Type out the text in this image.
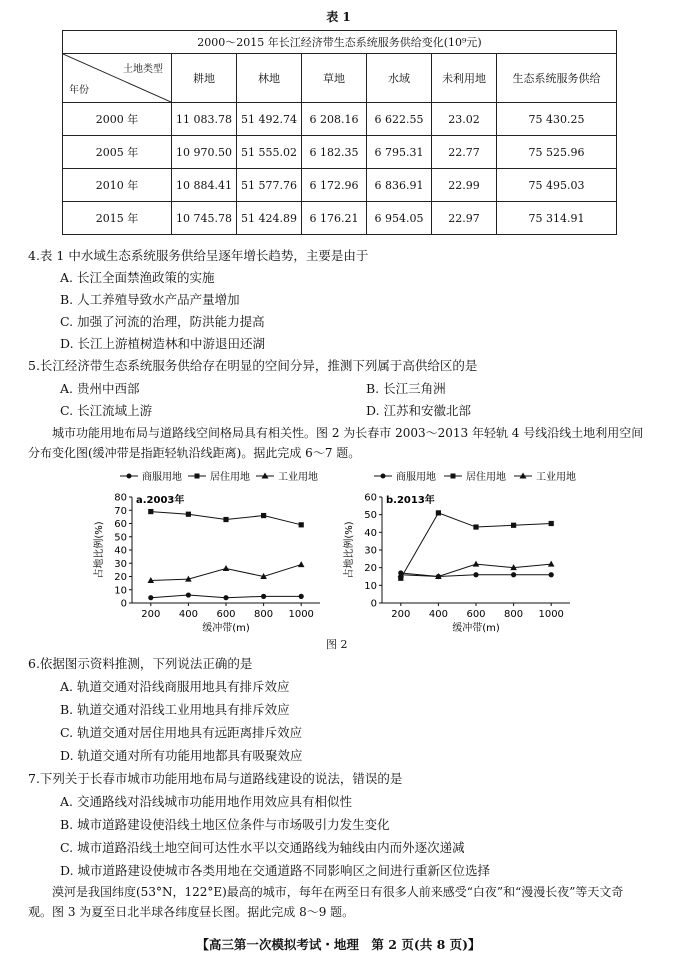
表 1
2000～2015 年长江经济带生态系统服务供给变化(10⁹元)						

土地类型
年份	耕地	林地	草地	水域	未利用地	生态系统服务供给
2000 年	11 083.78	51 492.74	6 208.16	6 622.55	23.02	75 430.25
2005 年	10 970.50	51 555.02	6 182.35	6 795.31	22.77	75 525.96
2010 年	10 884.41	51 577.76	6 172.96	6 836.91	22.99	75 495.03
2015 年	10 745.78	51 424.89	6 176.21	6 954.05	22.97	75 314.91
4.表 1 中水域生态系统服务供给呈逐年增长趋势，主要是由于
A. 长江全面禁渔政策的实施
B. 人工养殖导致水产品产量增加
C. 加强了河流的治理，防洪能力提高
D. 长江上游植树造林和中游退田还湖
5.长江经济带生态系统服务供给存在明显的空间分异，推测下列属于高供给区的是
A. 贵州中西部	B. 长江三角洲
C. 长江流域上游	D. 江苏和安徽北部
城市功能用地布局与道路线空间格局具有相关性。图 2 为长春市 2003～2013 年轻轨 4 号线沿线土地利用空间分布变化图(缓冲带是指距轻轨沿线距离)。据此完成 6～7 题。
商服用地	居住用地	工业用地	商服用地	居住用地	工业用地
0
10
20
30
40
50
60
70
80
200 400 600 800 1000
a.2003年
占地比例(%)
缓冲带(m)
0
10
20
30
40
50
60
200 400 600 800 1000
b.2013年
占地比例(%)
缓冲带(m)
图 2
6.依据图示资料推测，下列说法正确的是
A. 轨道交通对沿线商服用地具有排斥效应
B. 轨道交通对沿线工业用地具有排斥效应
C. 轨道交通对居住用地具有远距离排斥效应
D. 轨道交通对所有功能用地都具有吸聚效应
7.下列关于长春市城市功能用地布局与道路线建设的说法，错误的是
A. 交通路线对沿线城市功能用地作用效应具有相似性
B. 城市道路建设使沿线土地区位条件与市场吸引力发生变化
C. 城市道路沿线土地空间可达性水平以交通路线为轴线由内而外逐次递减
D. 城市道路建设使城市各类用地在交通道路不同影响区之间进行重新区位选择
漠河是我国纬度(53°N，122°E)最高的城市，每年在两至日有很多人前来感受“白夜”和“漫漫长夜”等天文奇观。图 3 为夏至日北半球各纬度昼长图。据此完成 8～9 题。
【高三第一次模拟考试・地理　第 2 页(共 8 页)】
